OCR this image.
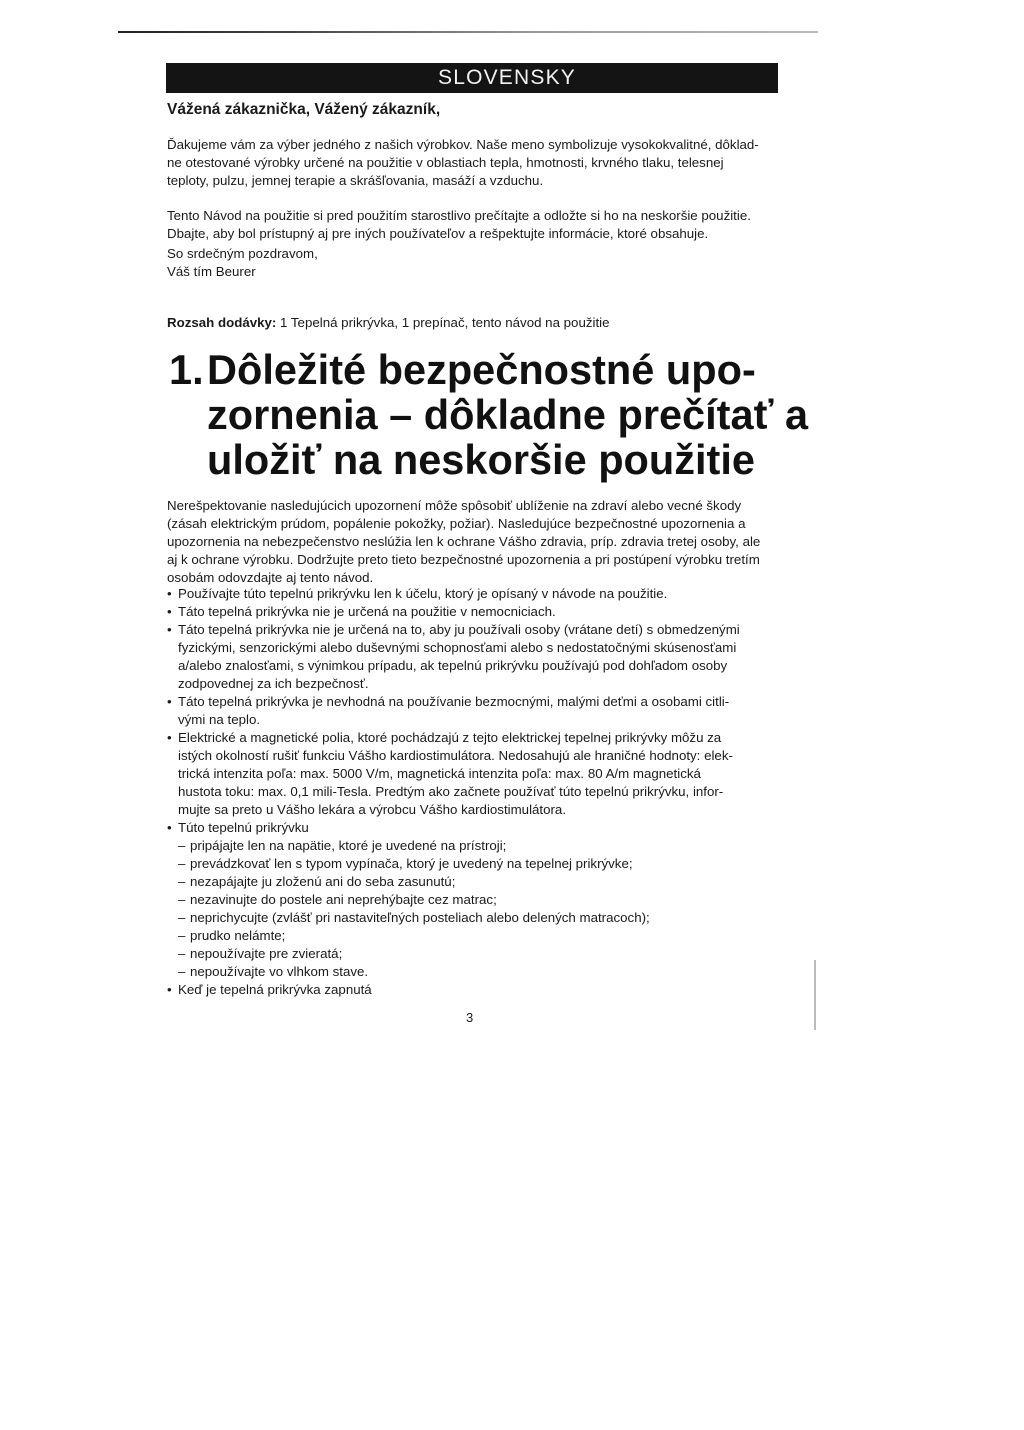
SLOVENSKY

Vážená zákaznička, Vážený zákazník,

Ďakujeme vám za výber jedného z našich výrobkov. Naše meno symbolizuje vysokokvalitné, dôklad-
ne otestované výrobky určené na použitie v oblastiach tepla, hmotnosti, krvného tlaku, telesnej
teploty, pulzu, jemnej terapie a skrášľovania, masáží a vzduchu.
Tento Návod na použitie si pred použitím starostlivo prečítajte a odložte si ho na neskoršie použitie.
Dbajte, aby bol prístupný aj pre iných používateľov a rešpektujte informácie, ktoré obsahuje.
So srdečným pozdravom,
Váš tím Beurer
Rozsah dodávky: 1 Tepelná prikrývka, 1 prepínač, tento návod na použitie
1.Dôležité bezpečnostné upo-
zornenia – dôkladne prečítať a
uložiť na neskoršie použitie
Nerešpektovanie nasledujúcich upozornení môže spôsobiť ublíženie na zdraví alebo vecné škody
(zásah elektrickým prúdom, popálenie pokožky, požiar). Nasledujúce bezpečnostné upozornenia a
upozornenia na nebezpečenstvo neslúžia len k ochrane Vášho zdravia, príp. zdravia tretej osoby, ale
aj k ochrane výrobku. Dodržujte preto tieto bezpečnostné upozornenia a pri postúpení výrobku tretím
osobám odovzdajte aj tento návod.
• Používajte túto tepelnú prikrývku len k účelu, ktorý je opísaný v návode na použitie.
• Táto tepelná prikrývka nie je určená na použitie v nemocniciach.
• Táto tepelná prikrývka nie je určená na to, aby ju používali osoby (vrátane detí) s obmedzenými
fyzickými, senzorickými alebo duševnými schopnosťami alebo s nedostatočnými skúsenosťami
a/alebo znalosťami, s výnimkou prípadu, ak tepelnú prikrývku používajú pod dohľadom osoby
zodpovednej za ich bezpečnosť.
• Táto tepelná prikrývka je nevhodná na používanie bezmocnými, malými deťmi a osobami citli-
vými na teplo.
• Elektrické a magnetické polia, ktoré pochádzajú z tejto elektrickej tepelnej prikrývky môžu za
istých okolností rušiť funkciu Vášho kardiostimulátora. Nedosahujú ale hraničné hodnoty: elek-
trická intenzita poľa: max. 5000 V/m, magnetická intenzita poľa: max. 80 A/m magnetická
hustota toku: max. 0,1 mili-Tesla. Predtým ako začnete používať túto tepelnú prikrývku, infor-
mujte sa preto u Vášho lekára a výrobcu Vášho kardiostimulátora.
• Túto tepelnú prikrývku
– pripájajte len na napätie, ktoré je uvedené na prístroji;
– prevádzkovať len s typom vypínača, ktorý je uvedený na tepelnej prikrývke;
– nezapájajte ju zloženú ani do seba zasunutú;
– nezavinujte do postele ani neprehýbajte cez matrac;
– neprichycujte (zvlášť pri nastaviteľných posteliach alebo delených matracoch);
– prudko nelámte;
– nepoužívajte pre zvieratá;
– nepoužívajte vo vlhkom stave.
• Keď je tepelná prikrývka zapnutá
3
